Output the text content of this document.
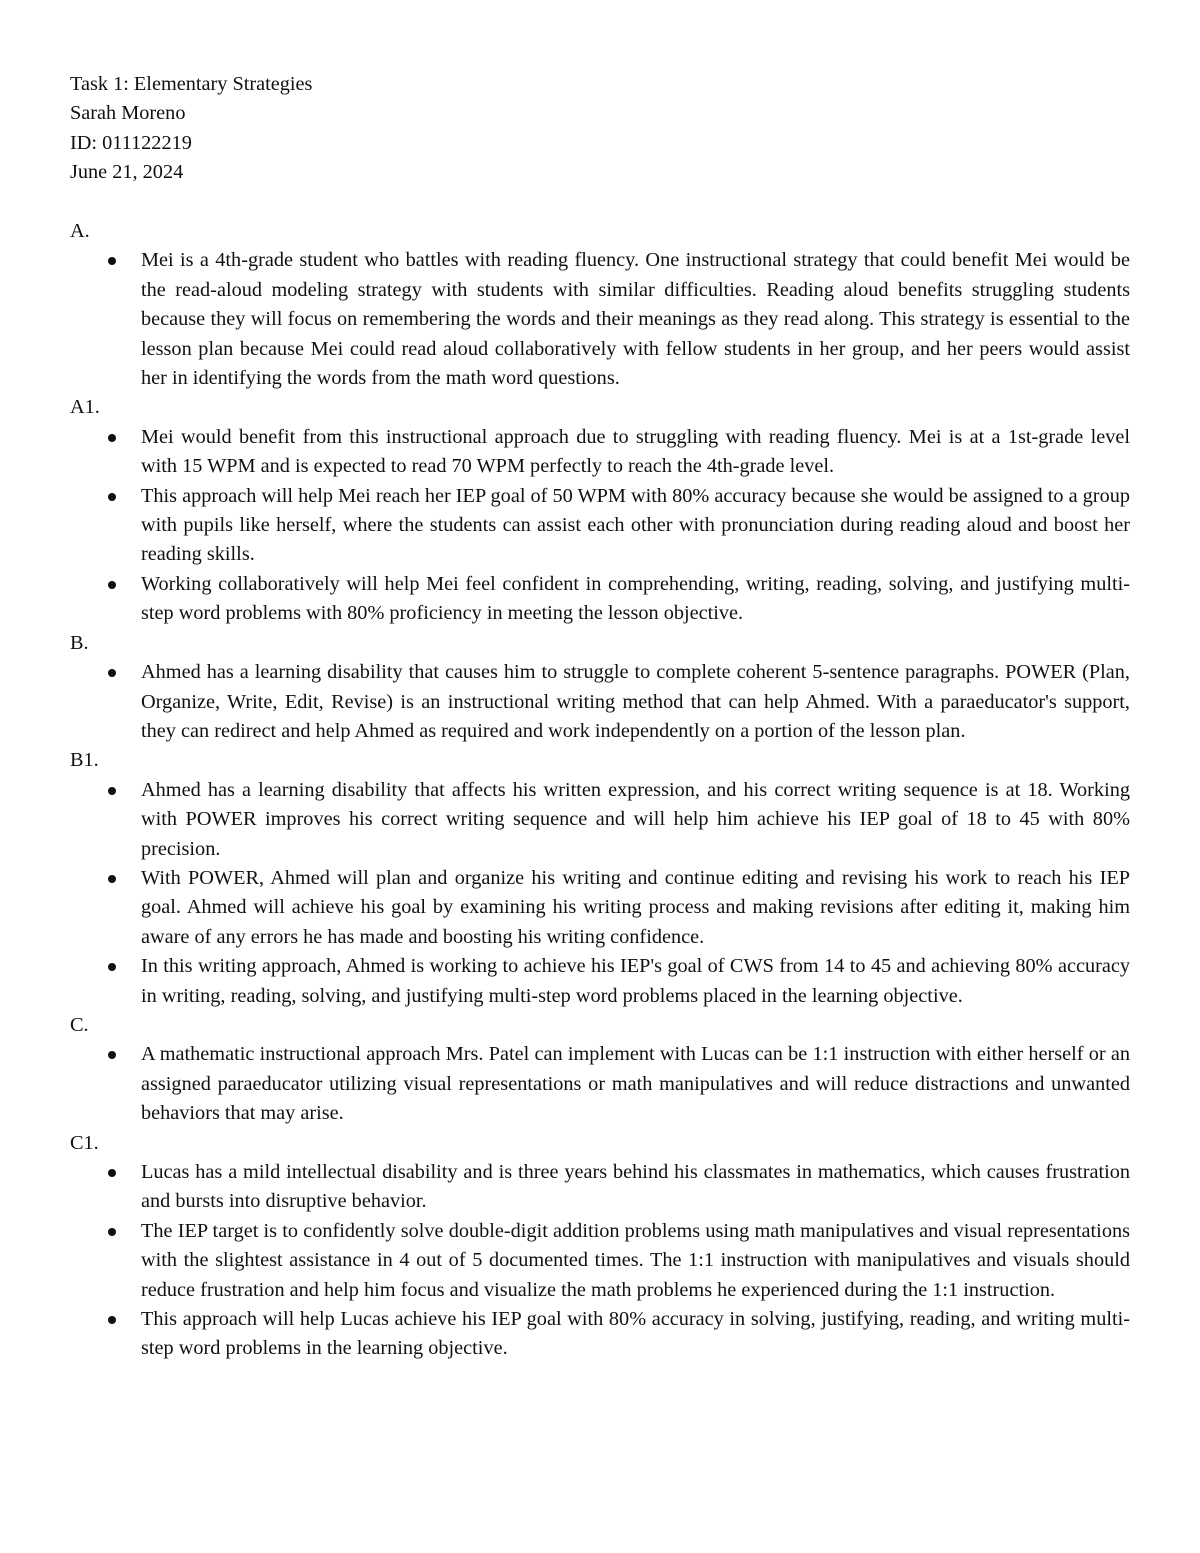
Task 1: Elementary Strategies

Sarah Moreno

ID: 011122219

June 21, 2024

A.

Mei is a 4th-grade student who battles with reading fluency. One instructional strategy that could benefit Mei would be the read-aloud modeling strategy with students with similar difficulties. Reading aloud benefits struggling students because they will focus on remembering the words and their meanings as they read along. This strategy is essential to the lesson plan because Mei could read aloud collaboratively with fellow students in her group, and her peers would assist her in identifying the words from the math word questions.

A1.

Mei would benefit from this instructional approach due to struggling with reading fluency. Mei is at a 1st-grade level with 15 WPM and is expected to read 70 WPM perfectly to reach the 4th-grade level.
This approach will help Mei reach her IEP goal of 50 WPM with 80% accuracy because she would be assigned to a group with pupils like herself, where the students can assist each other with pronunciation during reading aloud and boost her reading skills.
Working collaboratively will help Mei feel confident in comprehending, writing, reading, solving, and justifying multi-step word problems with 80% proficiency in meeting the lesson objective.

B.

Ahmed has a learning disability that causes him to struggle to complete coherent 5-sentence paragraphs. POWER (Plan, Organize, Write, Edit, Revise) is an instructional writing method that can help Ahmed. With a paraeducator's support, they can redirect and help Ahmed as required and work independently on a portion of the lesson plan.

B1.

Ahmed has a learning disability that affects his written expression, and his correct writing sequence is at 18. Working with POWER improves his correct writing sequence and will help him achieve his IEP goal of 18 to 45 with 80% precision.
With POWER, Ahmed will plan and organize his writing and continue editing and revising his work to reach his IEP goal. Ahmed will achieve his goal by examining his writing process and making revisions after editing it, making him aware of any errors he has made and boosting his writing confidence.
In this writing approach, Ahmed is working to achieve his IEP's goal of CWS from 14 to 45 and achieving 80% accuracy in writing, reading, solving, and justifying multi-step word problems placed in the learning objective.

C.

A mathematic instructional approach Mrs. Patel can implement with Lucas can be 1:1 instruction with either herself or an assigned paraeducator utilizing visual representations or math manipulatives and will reduce distractions and unwanted behaviors that may arise.

C1.

Lucas has a mild intellectual disability and is three years behind his classmates in mathematics, which causes frustration and bursts into disruptive behavior.
The IEP target is to confidently solve double-digit addition problems using math manipulatives and visual representations with the slightest assistance in 4 out of 5 documented times. The 1:1 instruction with manipulatives and visuals should reduce frustration and help him focus and visualize the math problems he experienced during the 1:1 instruction.
This approach will help Lucas achieve his IEP goal with 80% accuracy in solving, justifying, reading, and writing multi-step word problems in the learning objective.
